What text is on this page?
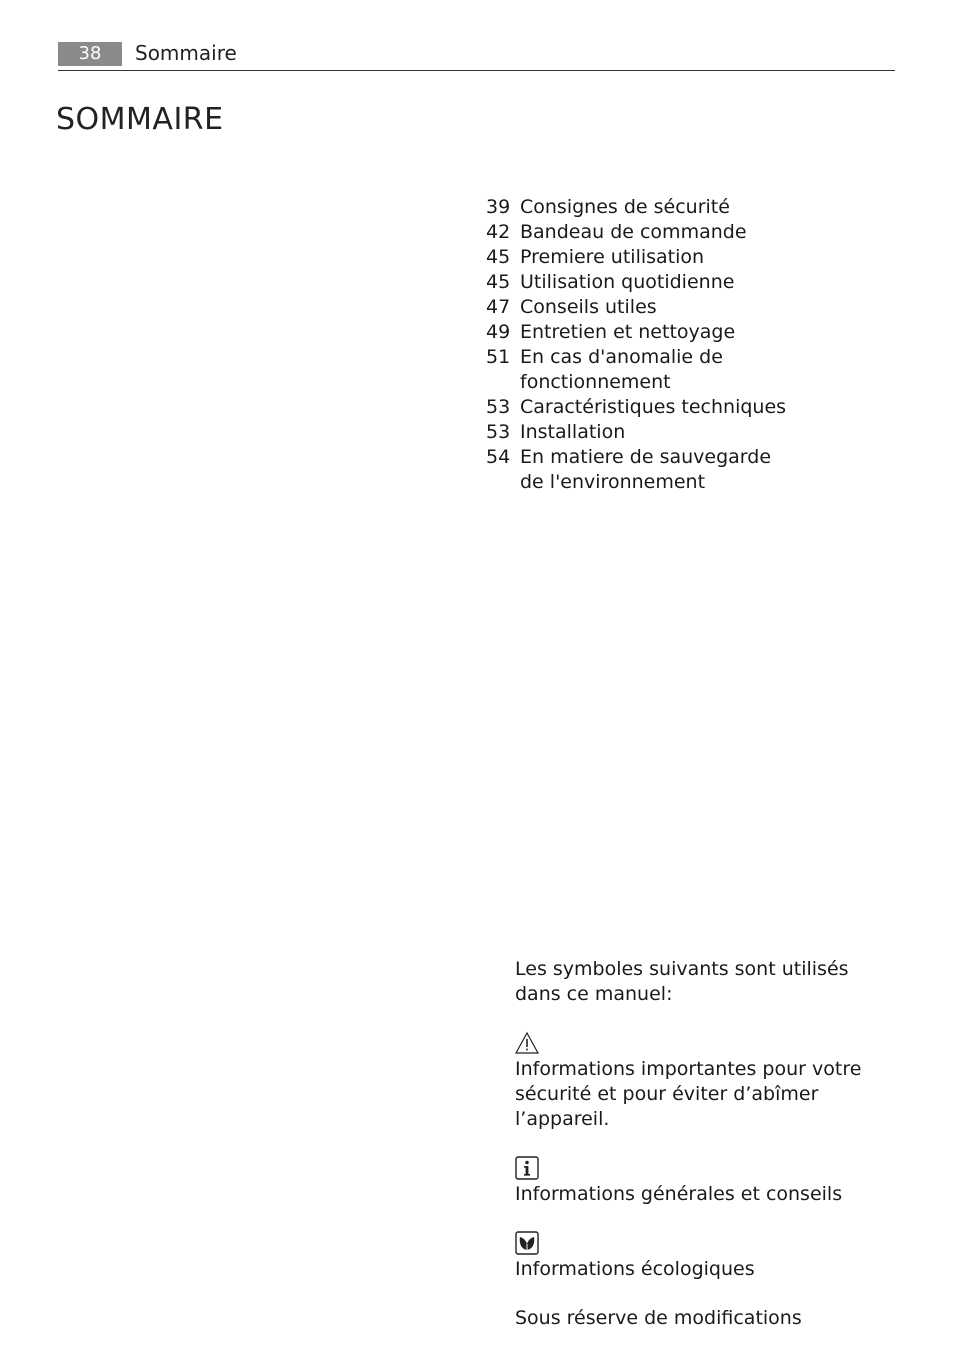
38	Sommaire
SOMMAIRE
39 Consignes de sécurité
42 Bandeau de commande
45 Premiere utilisation
45 Utilisation quotidienne
47 Conseils utiles
49 Entretien et nettoyage
51 En cas d'anomalie de fonctionnement
53 Caractéristiques techniques
53 Installation
54 En matiere de sauvegarde de l'environnement

Les symboles suivants sont utilisés dans ce manuel:

Informations importantes pour votre sécurité et pour éviter d’abîmer l’appareil.

Informations générales et conseils

Informations écologiques

Sous réserve de modifications
